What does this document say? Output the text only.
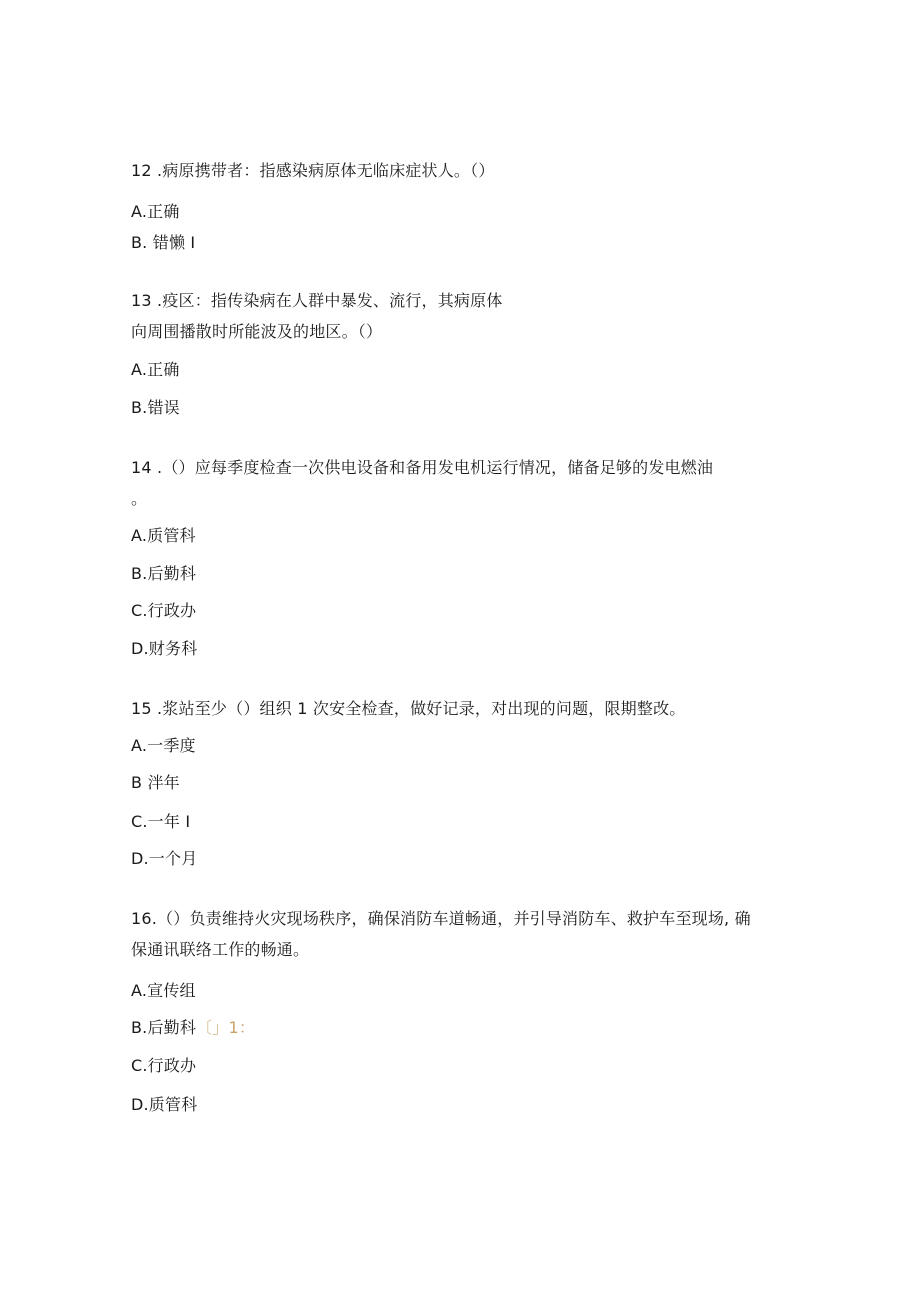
12 .病原携带者：指感染病原体无临床症状人。（）
A.正确
B. 错懒 I
13 .疫区：指传染病在人群中暴发、流行，其病原体
向周围播散时所能波及的地区。（）
A.正确
B.错误
14 .（）应每季度检查一次供电设备和备用发电机运行情况，储备足够的发电燃油
。
A.质管科
B.后勤科
C.行政办
D.财务科
15 .浆站至少（）组织 1 次安全检查，做好记录，对出现的问题，限期整改。
A.一季度
B 泮年
C.一年 I
D.一个月
16.（）负责维持火灾现场秩序，确保消防车道畅通，并引导消防车、救护车至现场, 确
保通讯联络工作的畅通。
A.宣传组
B.后勤科〔」1：
C.行政办
D.质管科
